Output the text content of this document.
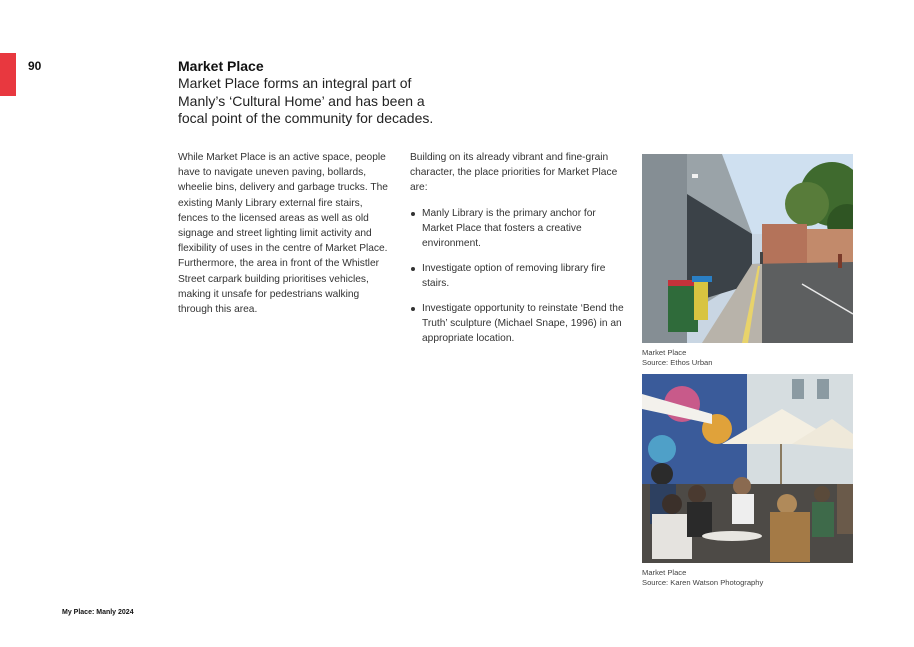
90	Market Place
Market Place forms an integral part of Manly’s ‘Cultural Home’ and has been a focal point of the community for decades.
While Market Place is an active space, people have to navigate uneven paving, bollards, wheelie bins, delivery and garbage trucks. The existing Manly Library external fire stairs, fences to the licensed areas as well as old signage and street lighting limit activity and flexibility of uses in the centre of Market Place. Furthermore, the area in front of the Whistler Street carpark building prioritises vehicles, making it unsafe for pedestrians walking through this area.
Building on its already vibrant and fine-grain character, the place priorities for Market Place are:
Manly Library is the primary anchor for Market Place that fosters a creative environment.
Investigate option of removing library fire stairs.
Investigate opportunity to reinstate ‘Bend the Truth’ sculpture (Michael Snape, 1996) in an appropriate location.
Market Place
Source: Ethos Urban
Market Place
Source: Karen Watson Photography
My Place: Manly 2024
